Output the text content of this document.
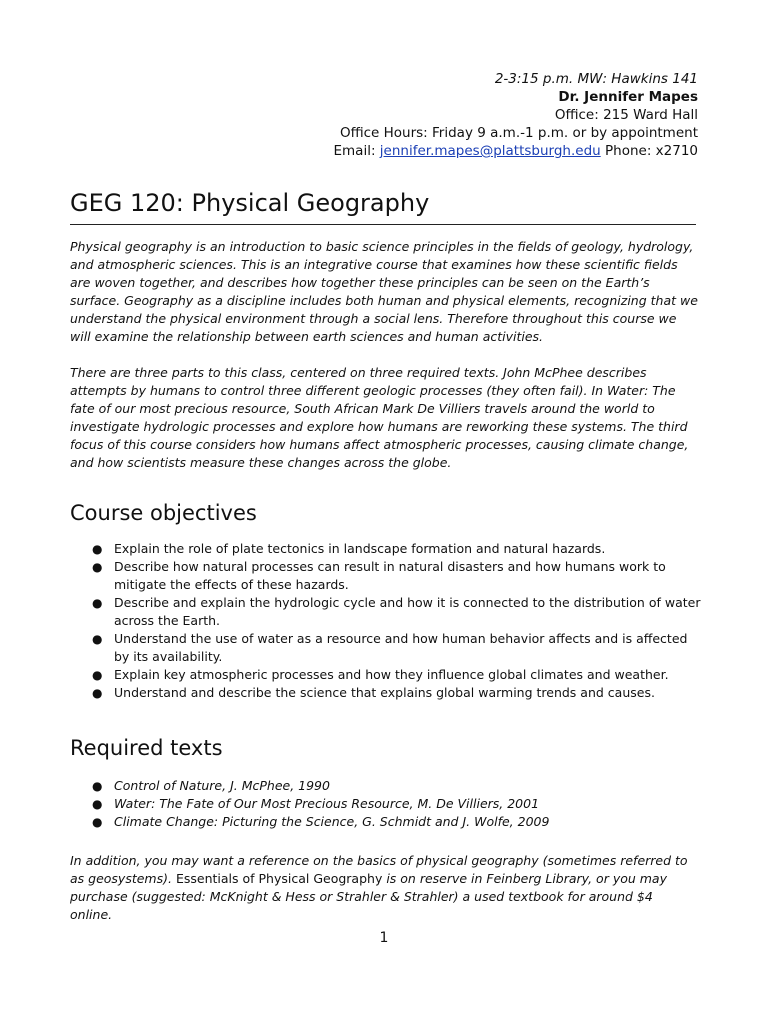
2-3:15 p.m. MW: Hawkins 141
Dr. Jennifer Mapes
Office: 215 Ward Hall
Office Hours: Friday 9 a.m.-1 p.m. or by appointment
Email: jennifer.mapes@plattsburgh.edu Phone: x2710
GEG 120: Physical Geography

Physical geography is an introduction to basic science principles in the fields of geology, hydrology, and atmospheric sciences. This is an integrative course that examines how these scientific fields are woven together, and describes how together these principles can be seen on the Earth’s surface. Geography as a discipline includes both human and physical elements, recognizing that we understand the physical environment through a social lens. Therefore throughout this course we will examine the relationship between earth sciences and human activities.

There are three parts to this class, centered on three required texts. John McPhee describes attempts by humans to control three different geologic processes (they often fail). In Water: The fate of our most precious resource, South African Mark De Villiers travels around the world to investigate hydrologic processes and explore how humans are reworking these systems. The third focus of this course considers how humans affect atmospheric processes, causing climate change, and how scientists measure these changes across the globe.

Course objectives
● Explain the role of plate tectonics in landscape formation and natural hazards.
● Describe how natural processes can result in natural disasters and how humans work to mitigate the effects of these hazards.
● Describe and explain the hydrologic cycle and how it is connected to the distribution of water across the Earth.
● Understand the use of water as a resource and how human behavior affects and is affected by its availability.
● Explain key atmospheric processes and how they influence global climates and weather.
● Understand and describe the science that explains global warming trends and causes.
Required texts
● Control of Nature, J. McPhee, 1990
● Water: The Fate of Our Most Precious Resource, M. De Villiers, 2001
● Climate Change: Picturing the Science, G. Schmidt and J. Wolfe, 2009

In addition, you may want a reference on the basics of physical geography (sometimes referred to as geosystems). Essentials of Physical Geography is on reserve in Feinberg Library, or you may purchase (suggested: McKnight & Hess or Strahler & Strahler) a used textbook for around $4 online.

1
